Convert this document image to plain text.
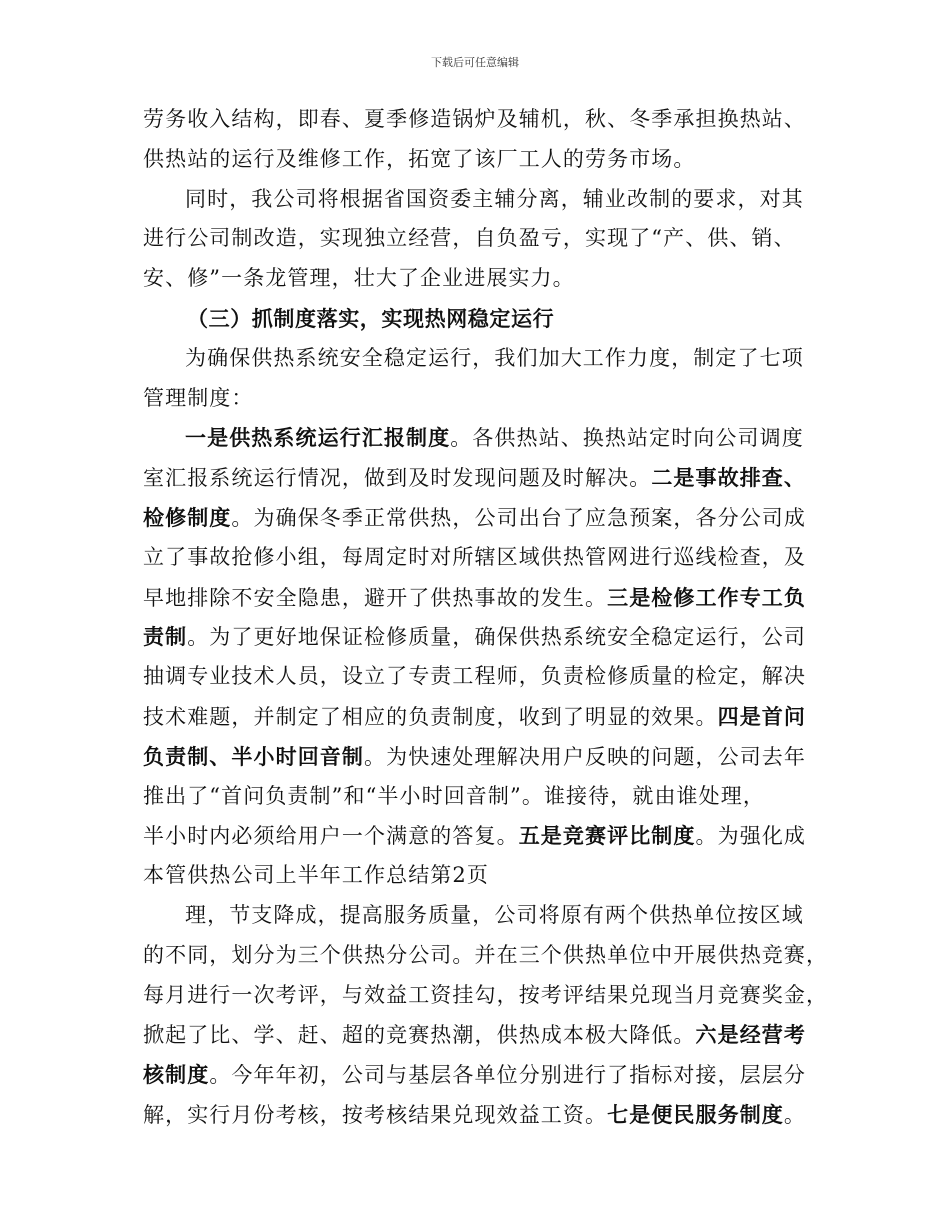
下载后可任意编辑
劳务收入结构，即春、夏季修造锅炉及辅机，秋、冬季承担换热站、
供热站的运行及维修工作，拓宽了该厂工人的劳务市场。
同时，我公司将根据省国资委主辅分离，辅业改制的要求，对其
进行公司制改造，实现独立经营，自负盈亏，实现了“产、供、销、
安、修”一条龙管理，壮大了企业进展实力。
（三）抓制度落实，实现热网稳定运行
为确保供热系统安全稳定运行，我们加大工作力度，制定了七项
管理制度：
一是供热系统运行汇报制度。各供热站、换热站定时向公司调度
室汇报系统运行情况，做到及时发现问题及时解决。二是事故排查、
检修制度。为确保冬季正常供热，公司出台了应急预案，各分公司成
立了事故抢修小组，每周定时对所辖区域供热管网进行巡线检查，及
早地排除不安全隐患，避开了供热事故的发生。三是检修工作专工负
责制。为了更好地保证检修质量，确保供热系统安全稳定运行，公司
抽调专业技术人员，设立了专责工程师，负责检修质量的检定，解决
技术难题，并制定了相应的负责制度，收到了明显的效果。四是首问
负责制、半小时回音制。为快速处理解决用户反映的问题，公司去年
推出了“首问负责制”和“半小时回音制”。谁接待，就由谁处理，
半小时内必须给用户一个满意的答复。五是竞赛评比制度。为强化成
本管供热公司上半年工作总结第2页
理，节支降成，提高服务质量，公司将原有两个供热单位按区域
的不同，划分为三个供热分公司。并在三个供热单位中开展供热竞赛，
每月进行一次考评，与效益工资挂勾，按考评结果兑现当月竞赛奖金，
掀起了比、学、赶、超的竞赛热潮，供热成本极大降低。六是经营考
核制度。今年年初，公司与基层各单位分别进行了指标对接，层层分
解，实行月份考核，按考核结果兑现效益工资。七是便民服务制度。
